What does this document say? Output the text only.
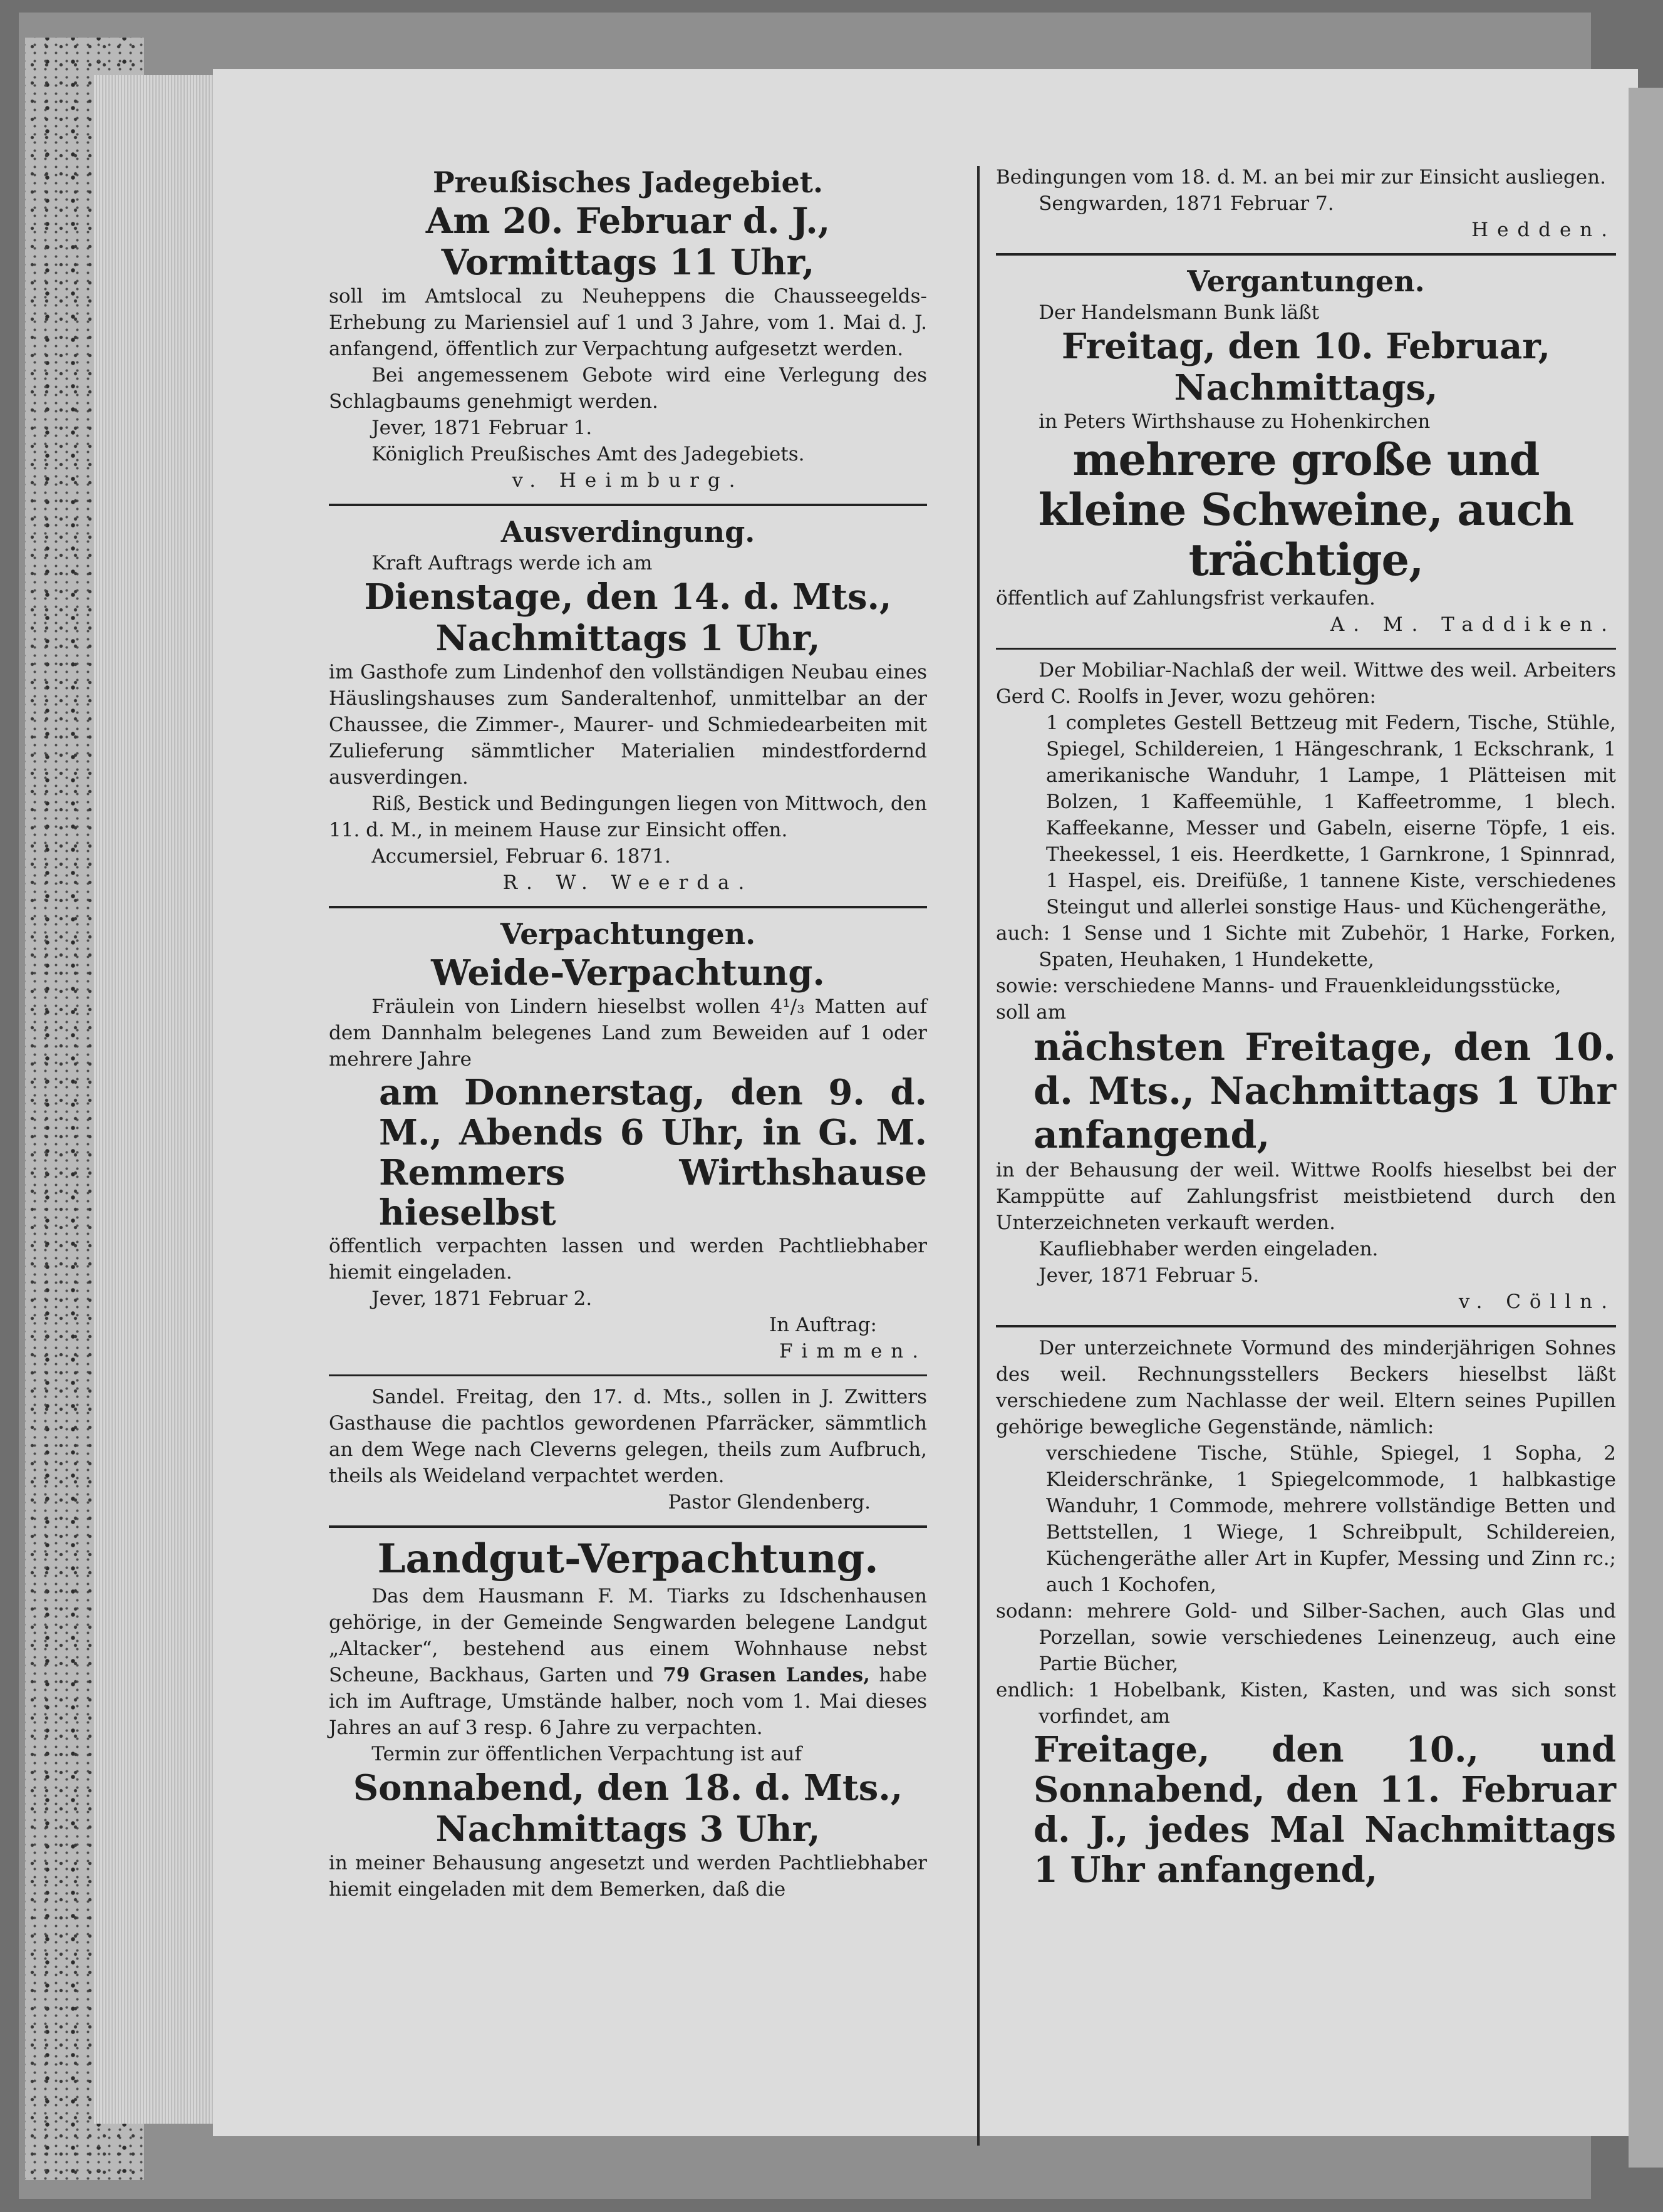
Preußisches Jadegebiet.
Am 20. Februar d. J.,
Vormittags 11 Uhr,

soll im Amtslocal zu Neuheppens die Chausseegelds-Erhebung zu Mariensiel auf 1 und 3 Jahre, vom 1. Mai d. J. anfangend, öffentlich zur Verpachtung aufgesetzt werden.

Bei angemessenem Gebote wird eine Verlegung des Schlagbaums genehmigt werden.

Jever, 1871 Februar 1.

Königlich Preußisches Amt des Jadegebiets.

v. Heimburg.

Ausverdingung.

Kraft Auftrags werde ich am

Dienstage, den 14. d. Mts.,
Nachmittags 1 Uhr,

im Gasthofe zum Lindenhof den vollständigen Neubau eines Häuslingshauses zum Sanderaltenhof, unmittelbar an der Chaussee, die Zimmer-, Maurer- und Schmiedearbeiten mit Zulieferung sämmtlicher Materialien mindestfordernd ausverdingen.

Riß, Bestick und Bedingungen liegen von Mittwoch, den 11. d. M., in meinem Hause zur Einsicht offen.

Accumersiel, Februar 6. 1871.

R. W. Weerda.

Verpachtungen.
Weide-Verpachtung.

Fräulein von Lindern hieselbst wollen 4¹/₃ Matten auf dem Dannhalm belegenes Land zum Beweiden auf 1 oder mehrere Jahre

am Donnerstag, den 9. d. M., Abends 6 Uhr, in G. M. Remmers Wirthshause hieselbst

öffentlich verpachten lassen und werden Pachtliebhaber hiemit eingeladen.

Jever, 1871 Februar 2.

In Auftrag:

Fimmen.

Sandel. Freitag, den 17. d. Mts., sollen in J. Zwitters Gasthause die pachtlos gewordenen Pfarräcker, sämmtlich an dem Wege nach Cleverns gelegen, theils zum Aufbruch, theils als Weideland verpachtet werden.

Pastor Glendenberg.

Landgut-Verpachtung.

Das dem Hausmann F. M. Tiarks zu Idschenhausen gehörige, in der Gemeinde Sengwarden belegene Landgut „Altacker“, bestehend aus einem Wohnhause nebst Scheune, Backhaus, Garten und 79 Grasen Landes, habe ich im Auftrage, Umstände halber, noch vom 1. Mai dieses Jahres an auf 3 resp. 6 Jahre zu verpachten.

Termin zur öffentlichen Verpachtung ist auf

Sonnabend, den 18. d. Mts.,
Nachmittags 3 Uhr,

in meiner Behausung angesetzt und werden Pachtliebhaber hiemit eingeladen mit dem Bemerken, daß die

Bedingungen vom 18. d. M. an bei mir zur Einsicht ausliegen.

Sengwarden, 1871 Februar 7.

Hedden.

Vergantungen.

Der Handelsmann Bunk läßt

Freitag, den 10. Februar,
Nachmittags,

in Peters Wirthshause zu Hohenkirchen

mehrere große und kleine Schweine, auch trächtige,

öffentlich auf Zahlungsfrist verkaufen.

A. M. Taddiken.

Der Mobiliar-Nachlaß der weil. Wittwe des weil. Arbeiters Gerd C. Roolfs in Jever, wozu gehören:

1 completes Gestell Bettzeug mit Federn, Tische, Stühle, Spiegel, Schildereien, 1 Hängeschrank, 1 Eckschrank, 1 amerikanische Wanduhr, 1 Lampe, 1 Plätteisen mit Bolzen, 1 Kaffeemühle, 1 Kaffeetromme, 1 blech. Kaffeekanne, Messer und Gabeln, eiserne Töpfe, 1 eis. Theekessel, 1 eis. Heerdkette, 1 Garnkrone, 1 Spinnrad, 1 Haspel, eis. Dreifüße, 1 tannene Kiste, verschiedenes Steingut und allerlei sonstige Haus- und Küchengeräthe,

auch: 1 Sense und 1 Sichte mit Zubehör, 1 Harke, Forken, Spaten, Heuhaken, 1 Hundekette,

sowie: verschiedene Manns- und Frauenkleidungsstücke,

soll am

nächsten Freitage, den 10. d. Mts., Nachmittags 1 Uhr anfangend,

in der Behausung der weil. Wittwe Roolfs hieselbst bei der Kamppütte auf Zahlungsfrist meistbietend durch den Unterzeichneten verkauft werden.

Kaufliebhaber werden eingeladen.

Jever, 1871 Februar 5.

v. Cölln.

Der unterzeichnete Vormund des minderjährigen Sohnes des weil. Rechnungsstellers Beckers hieselbst läßt verschiedene zum Nachlasse der weil. Eltern seines Pupillen gehörige bewegliche Gegenstände, nämlich:

verschiedene Tische, Stühle, Spiegel, 1 Sopha, 2 Kleiderschränke, 1 Spiegelcommode, 1 halbkastige Wanduhr, 1 Commode, mehrere vollständige Betten und Bettstellen, 1 Wiege, 1 Schreibpult, Schildereien, Küchengeräthe aller Art in Kupfer, Messing und Zinn rc.; auch 1 Kochofen,

sodann: mehrere Gold- und Silber-Sachen, auch Glas und Porzellan, sowie verschiedenes Leinenzeug, auch eine Partie Bücher,

endlich: 1 Hobelbank, Kisten, Kasten, und was sich sonst vorfindet, am

Freitage, den 10., und Sonnabend, den 11. Februar d. J., jedes Mal Nachmittags 1 Uhr anfangend,
